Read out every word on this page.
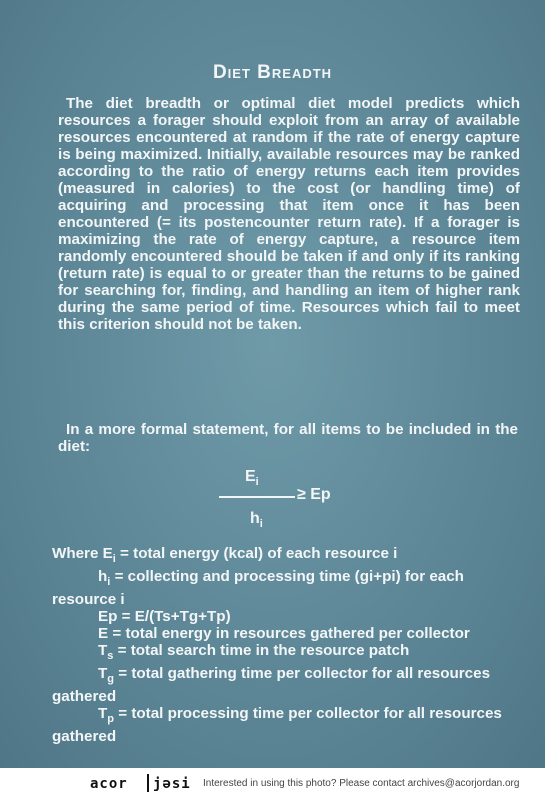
Diet Breadth
The diet breadth or optimal diet model predicts which resources a forager should exploit from an array of available resources encountered at random if the rate of energy capture is being maximized. Initially, available resources may be ranked according to the ratio of energy returns each item provides (measured in calories) to the cost (or handling time) of acquiring and processing that item once it has been encountered (= its postencounter return rate). If a forager is maximizing the rate of energy capture, a resource item randomly encountered should be taken if and only if its ranking (return rate) is equal to or greater than the returns to be gained for searching for, finding, and handling an item of higher rank during the same period of time. Resources which fail to meet this criterion should not be taken.
In a more formal statement, for all items to be included in the diet:
$E_i$
≥ Ep
$h_i$
Where $E_i$ = total energy (kcal) of each resource i
$h_i$ = collecting and processing time (gi+pi) for each resource i
Ep = E/(Ts+Tg+Tp)
E = total energy in resources gathered per collector
$T_s$ = total search time in the resource patch
$T_g$ = total gathering time per collector for all resources gathered
$T_p$ = total processing time per collector for all resources gathered
acor jəsi Interested in using this photo? Please contact archives@acorjordan.org
